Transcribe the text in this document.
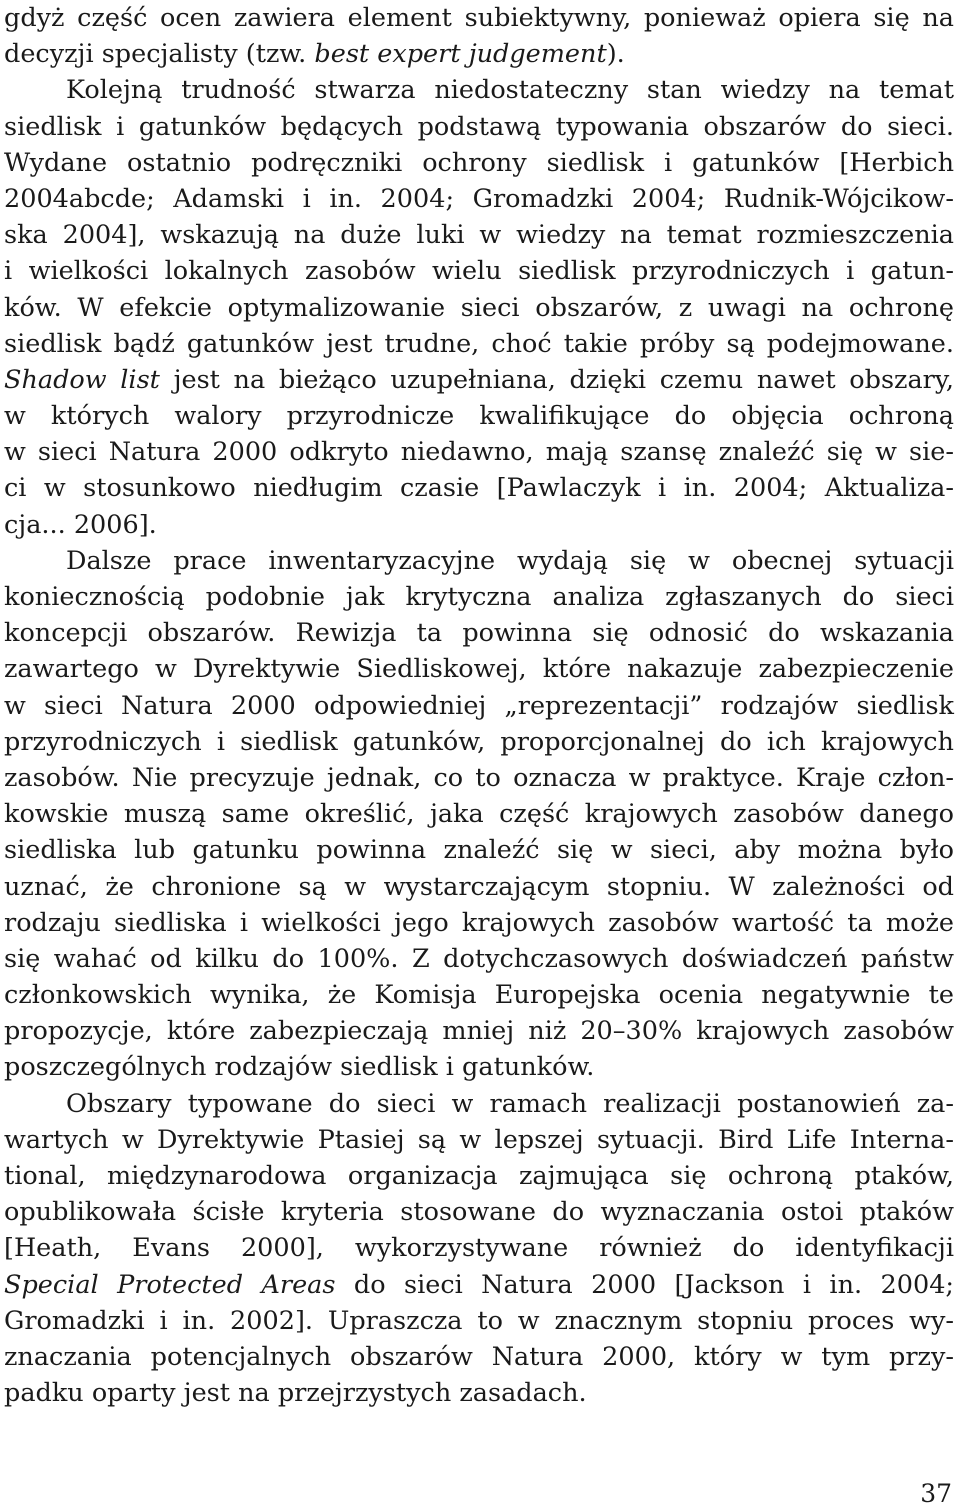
gdyż część ocen zawiera element subiektywny, ponieważ opiera się na
decyzji specjalisty (tzw. best expert judgement).
Kolejną trudność stwarza niedostateczny stan wiedzy na temat
siedlisk i gatunków będących podstawą typowania obszarów do sieci.
Wydane ostatnio podręczniki ochrony siedlisk i gatunków [Herbich
2004abcde; Adamski i in. 2004; Gromadzki 2004; Rudnik-Wójcikow-
ska 2004], wskazują na duże luki w wiedzy na temat rozmieszczenia
i wielkości lokalnych zasobów wielu siedlisk przyrodniczych i gatun-
ków. W efekcie optymalizowanie sieci obszarów, z uwagi na ochronę
siedlisk bądź gatunków jest trudne, choć takie próby są podejmowane.
Shadow list jest na bieżąco uzupełniana, dzięki czemu nawet obszary,
w których walory przyrodnicze kwalifikujące do objęcia ochroną
w sieci Natura 2000 odkryto niedawno, mają szansę znaleźć się w sie-
ci w stosunkowo niedługim czasie [Pawlaczyk i in. 2004; Aktualiza-
cja... 2006].
Dalsze prace inwentaryzacyjne wydają się w obecnej sytuacji
koniecznością podobnie jak krytyczna analiza zgłaszanych do sieci
koncepcji obszarów. Rewizja ta powinna się odnosić do wskazania
zawartego w Dyrektywie Siedliskowej, które nakazuje zabezpieczenie
w sieci Natura 2000 odpowiedniej „reprezentacji” rodzajów siedlisk
przyrodniczych i siedlisk gatunków, proporcjonalnej do ich krajowych
zasobów. Nie precyzuje jednak, co to oznacza w praktyce. Kraje człon-
kowskie muszą same określić, jaka część krajowych zasobów danego
siedliska lub gatunku powinna znaleźć się w sieci, aby można było
uznać, że chronione są w wystarczającym stopniu. W zależności od
rodzaju siedliska i wielkości jego krajowych zasobów wartość ta może
się wahać od kilku do 100%. Z dotychczasowych doświadczeń państw
członkowskich wynika, że Komisja Europejska ocenia negatywnie te
propozycje, które zabezpieczają mniej niż 20–30% krajowych zasobów
poszczególnych rodzajów siedlisk i gatunków.
Obszary typowane do sieci w ramach realizacji postanowień za-
wartych w Dyrektywie Ptasiej są w lepszej sytuacji. Bird Life Interna-
tional, międzynarodowa organizacja zajmująca się ochroną ptaków,
opublikowała ścisłe kryteria stosowane do wyznaczania ostoi ptaków
[Heath, Evans 2000], wykorzystywane również do identyfikacji
Special Protected Areas do sieci Natura 2000 [Jackson i in. 2004;
Gromadzki i in. 2002]. Upraszcza to w znacznym stopniu proces wy-
znaczania potencjalnych obszarów Natura 2000, który w tym przy-
padku oparty jest na przejrzystych zasadach.
37
